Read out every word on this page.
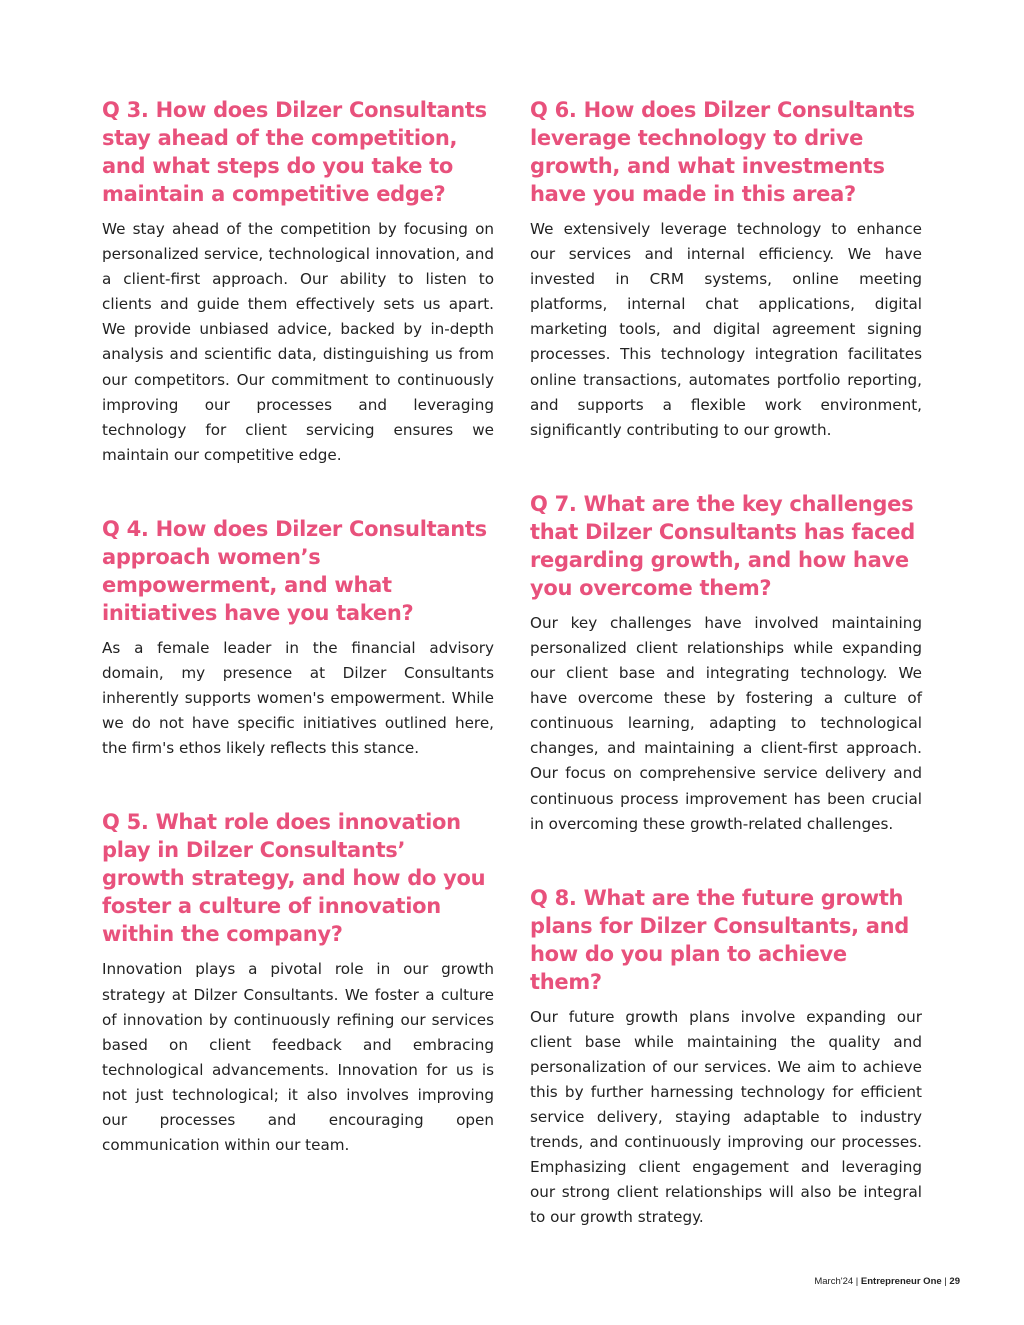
Q 3. How does Dilzer Consultants stay ahead of the competition, and what steps do you take to maintain a competitive edge?

We stay ahead of the competition by focusing on personalized service, technological innovation, and a client-first approach. Our ability to listen to clients and guide them effectively sets us apart. We provide unbiased advice, backed by in-depth analysis and scientific data, distinguishing us from our competitors. Our commitment to continuously improving our processes and leveraging technology for client servicing ensures we maintain our competitive edge.

Q 4. How does Dilzer Consultants approach women’s empowerment, and what initiatives have you taken?

As a female leader in the financial advisory domain, my presence at Dilzer Consultants inherently supports women's empowerment. While we do not have specific initiatives outlined here, the firm's ethos likely reflects this stance.

Q 5. What role does innovation play in Dilzer Consultants’ growth strategy, and how do you foster a culture of innovation within the company?

Innovation plays a pivotal role in our growth strategy at Dilzer Consultants. We foster a culture of innovation by continuously refining our services based on client feedback and embracing technological advancements. Innovation for us is not just technological; it also involves improving our processes and encouraging open communication within our team.

Q 6. How does Dilzer Consultants leverage technology to drive growth, and what investments have you made in this area?

We extensively leverage technology to enhance our services and internal efficiency. We have invested in CRM systems, online meeting platforms, internal chat applications, digital marketing tools, and digital agreement signing processes. This technology integration facilitates online transactions, automates portfolio reporting, and supports a flexible work environment, significantly contributing to our growth.

Q 7. What are the key challenges that Dilzer Consultants has faced regarding growth, and how have you overcome them?

Our key challenges have involved maintaining personalized client relationships while expanding our client base and integrating technology. We have overcome these by fostering a culture of continuous learning, adapting to technological changes, and maintaining a client-first approach. Our focus on comprehensive service delivery and continuous process improvement has been crucial in overcoming these growth-related challenges.

Q 8. What are the future growth plans for Dilzer Consultants, and how do you plan to achieve them?

Our future growth plans involve expanding our client base while maintaining the quality and personalization of our services. We aim to achieve this by further harnessing technology for efficient service delivery, staying adaptable to industry trends, and continuously improving our processes. Emphasizing client engagement and leveraging our strong client relationships will also be integral to our growth strategy.

March'24 | Entrepreneur One | 29
